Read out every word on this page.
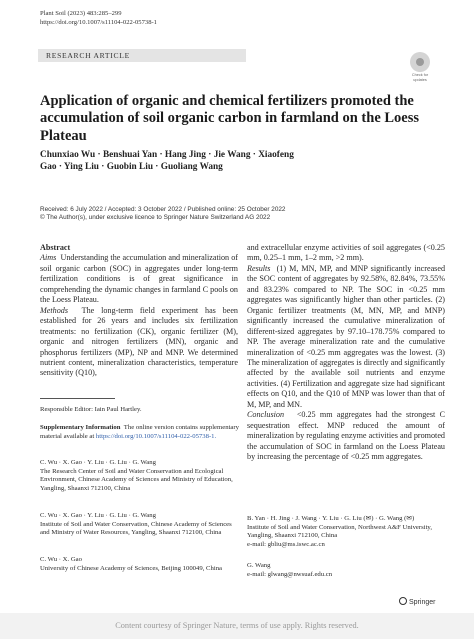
Plant Soil (2023) 483:285–299
https://doi.org/10.1007/s11104-022-05738-1
RESEARCH ARTICLE
Check for
updates
Application of organic and chemical fertilizers promoted the accumulation of soil organic carbon in farmland on the Loess Plateau
Chunxiao Wu · Benshuai Yan · Hang Jing · Jie Wang · Xiaofeng Gao · Ying Liu · Guobin Liu · Guoliang Wang
Received: 6 July 2022 / Accepted: 3 October 2022 / Published online: 25 October 2022
© The Author(s), under exclusive licence to Springer Nature Switzerland AG 2022

Abstract

Aims Understanding the accumulation and mineralization of soil organic carbon (SOC) in aggregates under long-term fertilization conditions is of great significance in comprehending the dynamic changes in farmland C pools on the Loess Plateau.

Methods The long-term field experiment has been established for 26 years and includes six fertilization treatments: no fertilization (CK), organic fertilizer (M), organic and nitrogen fertilizers (MN), organic and phosphorus fertilizers (MP), NP and MNP. We determined nutrient content, mineralization characteristics, temperature sensitivity (Q10),

and extracellular enzyme activities of soil aggregates (<0.25 mm, 0.25–1 mm, 1–2 mm, >2 mm).

Results (1) M, MN, MP, and MNP significantly increased the SOC content of aggregates by 92.58%, 82.84%, 73.55% and 83.23% compared to NP. The SOC in <0.25 mm aggregates was significantly higher than other particles. (2) Organic fertilizer treatments (M, MN, MP, and MNP) significantly increased the cumulative mineralization of different-sized aggregates by 97.10–178.75% compared to NP. The average mineralization rate and the cumulative mineralization of <0.25 mm aggregates was the lowest. (3) The mineralization of aggregates is directly and significantly affected by the available soil nutrients and enzyme activities. (4) Fertilization and aggregate size had significant effects on Q10, and the Q10 of MNP was lower than that of M, MP, and MN.

Conclusion <0.25 mm aggregates had the strongest C sequestration effect. MNP reduced the amount of mineralization by regulating enzyme activities and promoted the accumulation of SOC in farmland on the Loess Plateau by increasing the percentage of <0.25 mm aggregates.

Responsible Editor: Iain Paul Hartley.
Supplementary Information The online version contains supplementary material available at https://doi.org/10.1007/s11104-022-05738-1.
C. Wu · X. Gao · Y. Liu · G. Liu · G. Wang
The Research Center of Soil and Water Conservation and Ecological Environment, Chinese Academy of Sciences and Ministry of Education, Yangling, Shaanxi 712100, China
C. Wu · X. Gao · Y. Liu · G. Liu · G. Wang
Institute of Soil and Water Conservation, Chinese Academy of Sciences and Ministry of Water Resources, Yangling, Shaanxi 712100, China
C. Wu · X. Gao
University of Chinese Academy of Sciences, Beijing 100049, China
B. Yan · H. Jing · J. Wang · Y. Liu · G. Liu (✉) · G. Wang (✉)
Institute of Soil and Water Conservation, Northwest A&F University, Yangling, Shaanxi 712100, China
e-mail: gbliu@ms.iswc.ac.cn
G. Wang
e-mail: glwang@nwsuaf.edu.cn
Springer
Content courtesy of Springer Nature, terms of use apply. Rights reserved.
